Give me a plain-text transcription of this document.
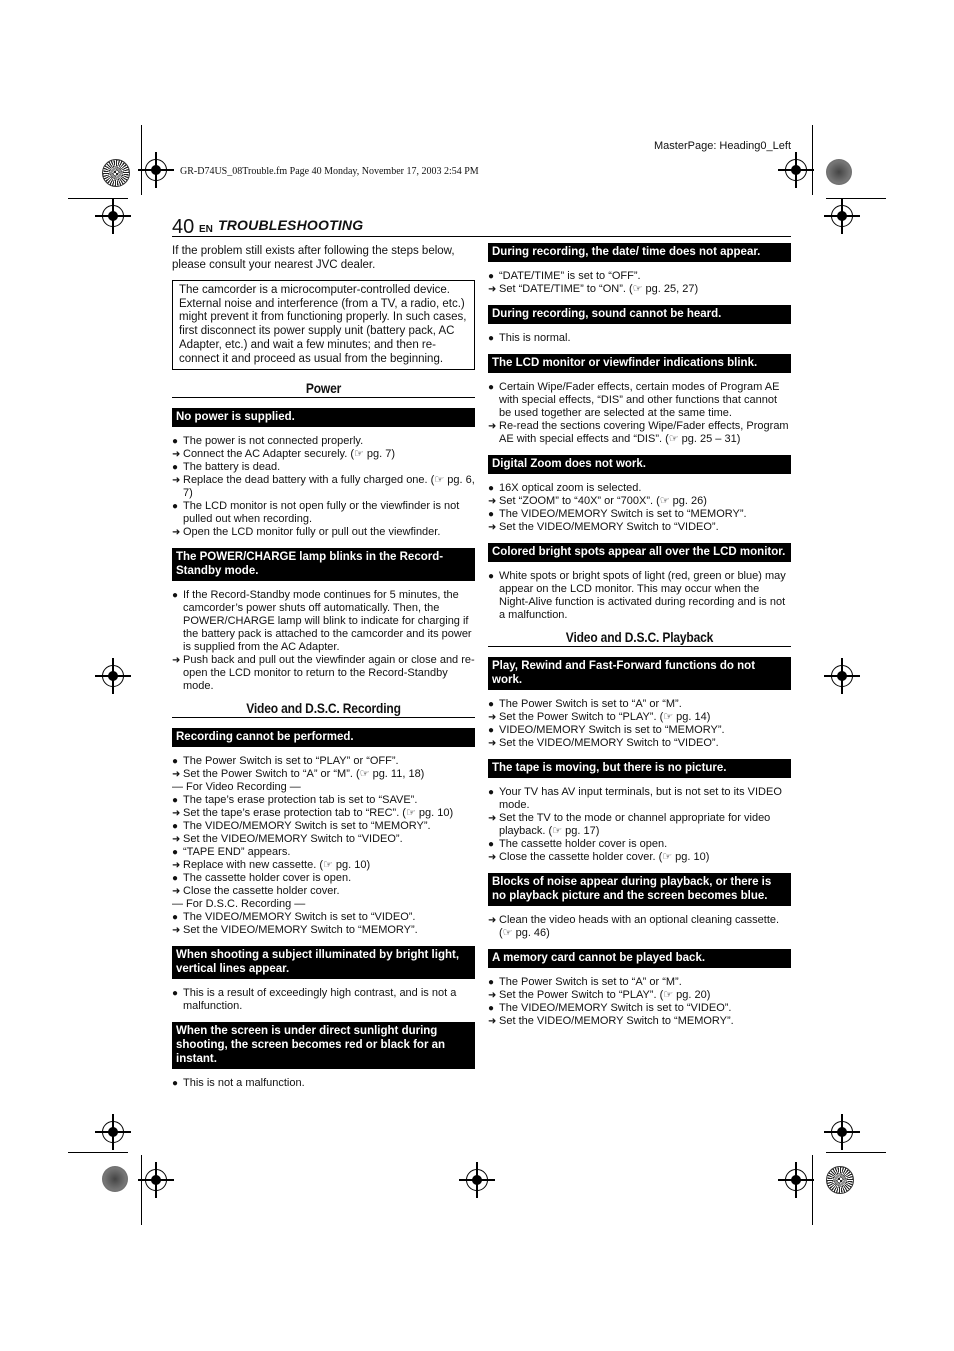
GR-D74US_08Trouble.fm Page 40 Monday, November 17, 2003 2:54 PM
MasterPage: Heading0_Left
40 EN TROUBLESHOOTING
If the problem still exists after following the steps below, please consult your nearest JVC dealer.
The camcorder is a microcomputer-controlled device. External noise and interference (from a TV, a radio, etc.) might prevent it from functioning properly. In such cases, first disconnect its power supply unit (battery pack, AC Adapter, etc.) and wait a few minutes; and then re-connect it and proceed as usual from the beginning.
Power
No power is supplied.
● The power is not connected properly.
➜ Connect the AC Adapter securely. (☞ pg. 7)
● The battery is dead.
➜ Replace the dead battery with a fully charged one. (☞ pg. 6, 7)
● The LCD monitor is not open fully or the viewfinder is not pulled out when recording.
➜ Open the LCD monitor fully or pull out the viewfinder.
The POWER/CHARGE lamp blinks in the Record-Standby mode.
● If the Record-Standby mode continues for 5 minutes, the camcorder’s power shuts off automatically. Then, the POWER/CHARGE lamp will blink to indicate for charging if the battery pack is attached to the camcorder and its power is supplied from the AC Adapter.
➜ Push back and pull out the viewfinder again or close and re-open the LCD monitor to return to the Record-Standby mode.
Video and D.S.C. Recording
Recording cannot be performed.
● The Power Switch is set to “PLAY” or “OFF”.
➜ Set the Power Switch to “A” or “M”. (☞ pg. 11, 18)
— For Video Recording —
● The tape’s erase protection tab is set to “SAVE”.
➜ Set the tape’s erase protection tab to “REC”. (☞ pg. 10)
● The VIDEO/MEMORY Switch is set to “MEMORY”.
➜ Set the VIDEO/MEMORY Switch to “VIDEO”.
● “TAPE END” appears.
➜ Replace with new cassette. (☞ pg. 10)
● The cassette holder cover is open.
➜ Close the cassette holder cover.
— For D.S.C. Recording —
● The VIDEO/MEMORY Switch is set to “VIDEO”.
➜ Set the VIDEO/MEMORY Switch to “MEMORY”.
When shooting a subject illuminated by bright light, vertical lines appear.
● This is a result of exceedingly high contrast, and is not a malfunction.
When the screen is under direct sunlight during shooting, the screen becomes red or black for an instant.
● This is not a malfunction.
During recording, the date/ time does not appear.
● “DATE/TIME” is set to “OFF”.
➜ Set “DATE/TIME” to “ON”. (☞ pg. 25, 27)
During recording, sound cannot be heard.
● This is normal.
The LCD monitor or viewfinder indications blink.
● Certain Wipe/Fader effects, certain modes of Program AE with special effects, “DIS” and other functions that cannot be used together are selected at the same time.
➜ Re-read the sections covering Wipe/Fader effects, Program AE with special effects and “DIS”. (☞ pg. 25 – 31)
Digital Zoom does not work.
● 16X optical zoom is selected.
➜ Set “ZOOM” to “40X” or “700X”. (☞ pg. 26)
● The VIDEO/MEMORY Switch is set to “MEMORY”.
➜ Set the VIDEO/MEMORY Switch to “VIDEO”.
Colored bright spots appear all over the LCD monitor.
● White spots or bright spots of light (red, green or blue) may appear on the LCD monitor. This may occur when the Night-Alive function is activated during recording and is not a malfunction.
Video and D.S.C. Playback
Play, Rewind and Fast-Forward functions do not work.
● The Power Switch is set to “A” or “M”.
➜ Set the Power Switch to “PLAY”. (☞ pg. 14)
● VIDEO/MEMORY Switch is set to “MEMORY”.
➜ Set the VIDEO/MEMORY Switch to “VIDEO”.
The tape is moving, but there is no picture.
● Your TV has AV input terminals, but is not set to its VIDEO mode.
➜ Set the TV to the mode or channel appropriate for video playback. (☞ pg. 17)
● The cassette holder cover is open.
➜ Close the cassette holder cover. (☞ pg. 10)
Blocks of noise appear during playback, or there is no playback picture and the screen becomes blue.
➜ Clean the video heads with an optional cleaning cassette. (☞ pg. 46)
A memory card cannot be played back.
● The Power Switch is set to “A” or “M”.
➜ Set the Power Switch to “PLAY”. (☞ pg. 20)
● The VIDEO/MEMORY Switch is set to “VIDEO”.
➜ Set the VIDEO/MEMORY Switch to “MEMORY”.
